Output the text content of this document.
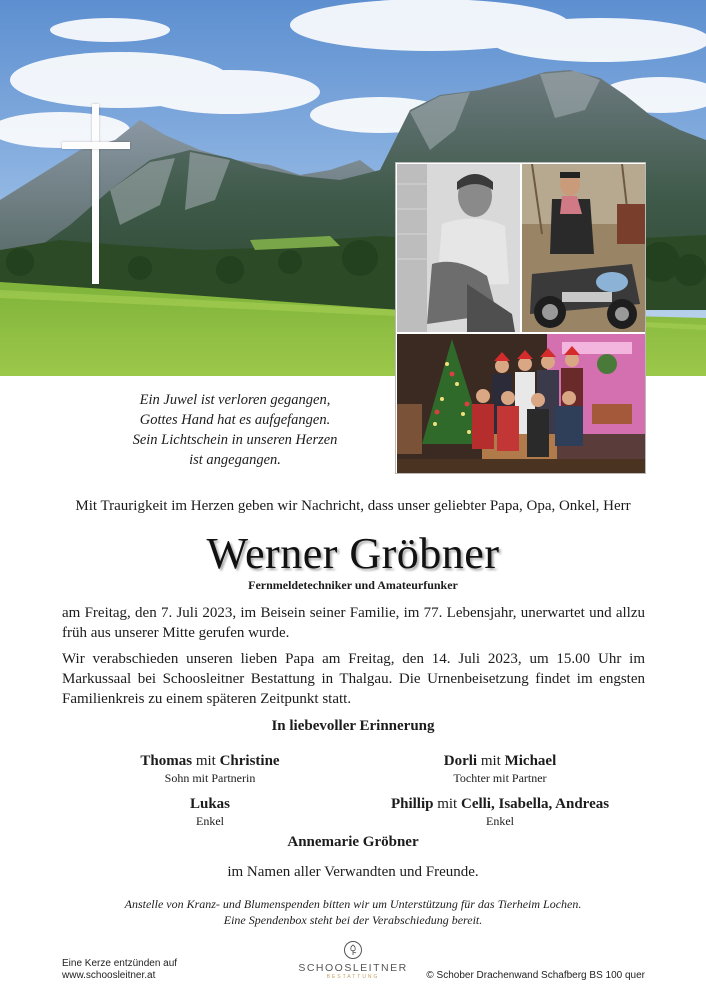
Ein Juwel ist verloren gegangen,
Gottes Hand hat es aufgefangen.
Sein Lichtschein in unseren Herzen
ist angegangen.
Mit Traurigkeit im Herzen geben wir Nachricht, dass unser geliebter Papa, Opa, Onkel, Herr
Werner Gröbner
Fernmeldetechniker und Amateurfunker
am Freitag, den 7. Juli 2023, im Beisein seiner Familie, im 77. Lebensjahr, unerwartet und allzu früh aus unserer Mitte gerufen wurde.
Wir verabschieden unseren lieben Papa am Freitag, den 14. Juli 2023, um 15.00 Uhr im Markussaal bei Schoosleitner Bestattung in Thalgau. Die Urnenbeisetzung findet im engsten Familienkreis zu einem späteren Zeitpunkt statt.
In liebevoller Erinnerung
Thomas mit Christine
Sohn mit Partnerin
Dorli mit Michael
Tochter mit Partner
Lukas
Enkel
Phillip mit Celli, Isabella, Andreas
Enkel
Annemarie Gröbner
im Namen aller Verwandten und Freunde.
Anstelle von Kranz- und Blumenspenden bitten wir um Unterstützung für das Tierheim Lochen.
Eine Spendenbox steht bei der Verabschiedung bereit.
Eine Kerze entzünden auf
www.schoosleitner.at
SCHOOSLEITNER
BESTATTUNG	© Schober Drachenwand Schafberg BS 100 quer
